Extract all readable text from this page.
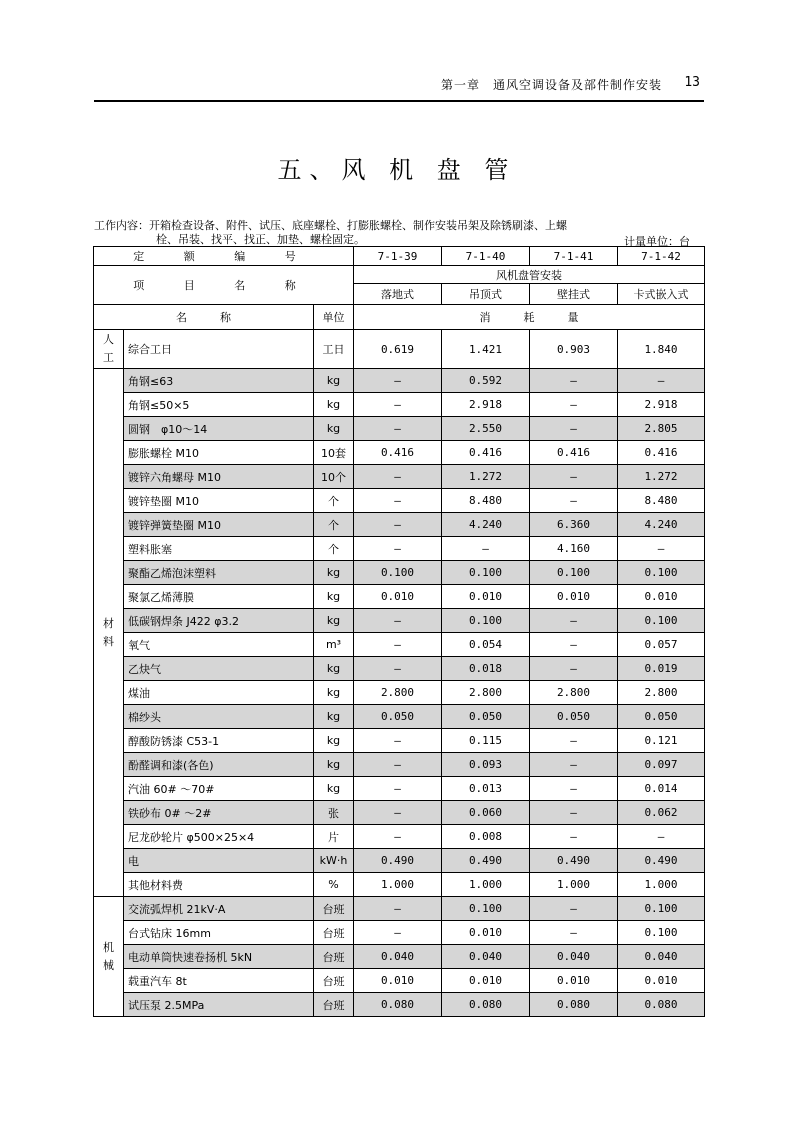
第一章　通风空调设备及部件制作安装 13
五、风 机 盘 管
工作内容：开箱检查设备、附件、试压、底座螺栓、打膨胀螺栓、制作安装吊架及除锈刷漆、上螺
栓、吊装、找平、找正、加垫、螺栓固定。	计量单位：台
定 额 编 号			7-1-39	7-1-40	7-1-41	7-1-42
项 目 名 称			风机盘管安装			
			落地式	吊顶式	壁挂式	卡式嵌入式
名　　　称		单位	消　　　耗　　　量			
人工	综合工日	工日	0.619	1.421	0.903	1.840
材料	角钢≤63	kg	—	0.592	—	—
	角钢≤50×5	kg	—	2.918	—	2.918
	圆钢　φ10～14	kg	—	2.550	—	2.805
	膨胀螺栓 M10	10套	0.416	0.416	0.416	0.416
	镀锌六角螺母 M10	10个	—	1.272	—	1.272
	镀锌垫圈 M10	个	—	8.480	—	8.480
	镀锌弹簧垫圈 M10	个	—	4.240	6.360	4.240
	塑料胀塞	个	—	—	4.160	—
	聚酯乙烯泡沫塑料	kg	0.100	0.100	0.100	0.100
	聚氯乙烯薄膜	kg	0.010	0.010	0.010	0.010
	低碳钢焊条 J422 φ3.2	kg	—	0.100	—	0.100
	氧气	m³	—	0.054	—	0.057
	乙炔气	kg	—	0.018	—	0.019
	煤油	kg	2.800	2.800	2.800	2.800
	棉纱头	kg	0.050	0.050	0.050	0.050
	醇酸防锈漆 C53-1	kg	—	0.115	—	0.121
	酚醛调和漆(各色)	kg	—	0.093	—	0.097
	汽油 60# ～70#	kg	—	0.013	—	0.014
	铁砂布 0# ～2#	张	—	0.060	—	0.062
	尼龙砂轮片 φ500×25×4	片	—	0.008	—	—
	电	kW·h	0.490	0.490	0.490	0.490
	其他材料费	%	1.000	1.000	1.000	1.000
机械	交流弧焊机 21kV·A	台班	—	0.100	—	0.100
	台式钻床 16mm	台班	—	0.010	—	0.100
	电动单筒快速卷扬机 5kN	台班	0.040	0.040	0.040	0.040
	载重汽车 8t	台班	0.010	0.010	0.010	0.010
	试压泵 2.5MPa	台班	0.080	0.080	0.080	0.080
